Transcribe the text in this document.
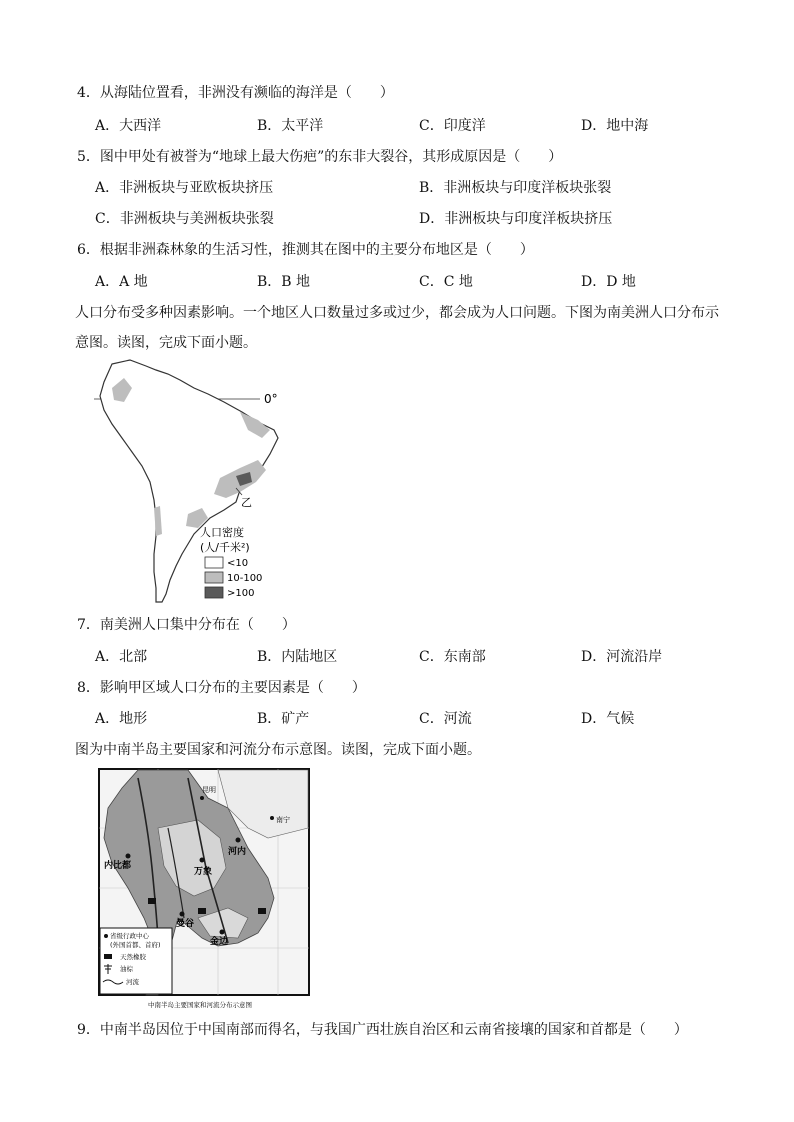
4．从海陆位置看，非洲没有濒临的海洋是（　　）
A．大西洋	B．太平洋	C．印度洋	D．地中海
5．图中甲处有被誉为“地球上最大伤疤”的东非大裂谷，其形成原因是（　　）
A．非洲板块与亚欧板块挤压	B．非洲板块与印度洋板块张裂
C．非洲板块与美洲板块张裂	D．非洲板块与印度洋板块挤压
6．根据非洲森林象的生活习性，推测其在图中的主要分布地区是（　　）
A．A 地	B．B 地	C．C 地	D．D 地
人口分布受多种因素影响。一个地区人口数量过多或过少，都会成为人口问题。下图为南美洲人口分布示
意图。读图，完成下面小题。
0°
乙
人口密度
(人/千米²)
<10
10-100
>100
7．南美洲人口集中分布在（　　）
A．北部	B．内陆地区	C．东南部	D．河流沿岸
8．影响甲区域人口分布的主要因素是（　　）
A．地形	B．矿产	C．河流	D．气候
图为中南半岛主要国家和河流分布示意图。读图，完成下面小题。
内比都
河内
万象
曼谷
金边
昆明
南宁
省级行政中心
(外国首都、首府)
天然橡胶
油棕
河流
中南半岛主要国家和河流分布示意图
9．中南半岛因位于中国南部而得名，与我国广西壮族自治区和云南省接壤的国家和首都是（　　）
